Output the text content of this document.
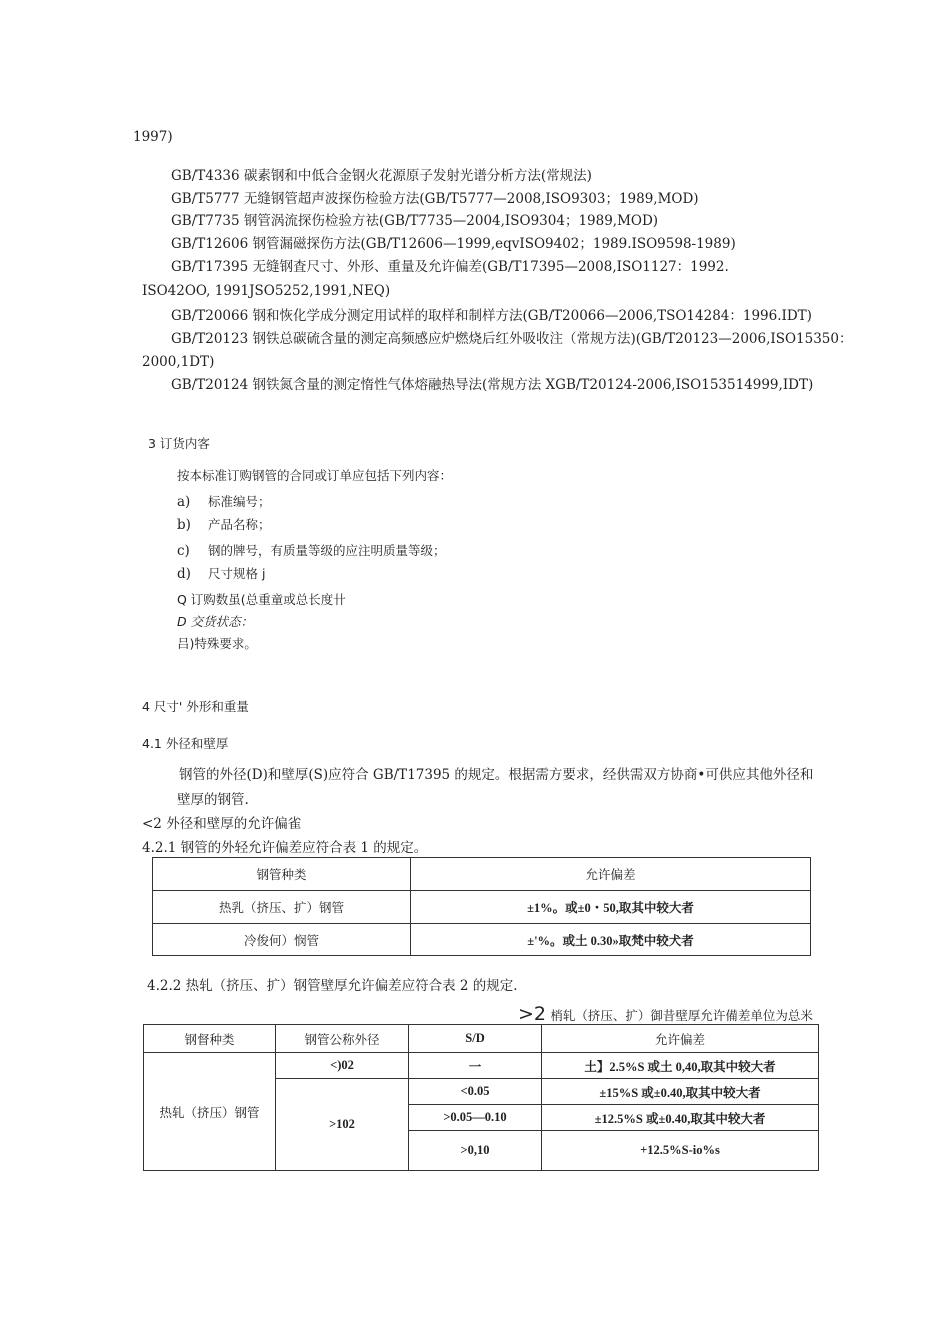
1997)
GB/T4336 碳素钢和中低合金钢火花源原子发射光谱分析方法(常规法)
GB/T5777 无缝钢管超声波探伤检验方法(GB/T5777—2008,ISO9303；1989,MOD)
GB/T7735 钢管涡流探伤检验方祛(GB/T7735—2004,ISO9304；1989,MOD)
GB/T12606 钢管漏磁探伤方法(GB/T12606—1999,eqvISO9402；1989.ISO9598-1989)
GB/T17395 无缝钢査尺寸、外形、重量及允许偏差(GB/T17395—2008,ISO1127：1992.
ISO42OO, 1991JSO5252,1991,NEQ)
GB/T20066 钢和恢化学成分测定用试样的取样和制样方法(GB/T20066—2006,TSO14284：1996.IDT)
GB/T20123 钢铁总碳硫含量的测定高频感应炉燃烧后红外吸收注（常规方法)(GB/T20123—2006,ISO15350：
2000,1DT)
GB/T20124 钢铁氮含量的测定惰性气体熔融热导法(常规方法 XGB/T20124-2006,ISO153514999,IDT)
3 订货内客
按本标准订购钢管的合同或订单应包括下列内容：
a) 标准编号；
b) 产品名称；
c) 钢的牌号，有质量等级的应注明质量等级；
d) 尺寸规格 j
Q 订购数虽(总重童或总长度卄
D 交货状态：
吕)特殊要求。
4 尺寸' 外形和重量
4.1 外径和壁厚
钢管的外径(D)和壁厚(S)应符合 GB/T17395 的规定。根据需方要求，经供需双方协商•可供应其他外径和
壁厚的钢管.
<2 外径和壁厚的允许偏雀
4.2.1 钢管的外轻允许偏差应符合表 1 的规定。
钢管种类	允许偏差
热乳（挤压、扩）钢管	±1%。或±0・50,取其中较大者
冷俊何）悯管	±'%。或土 0.30»取梵中较犬者
4.2.2 热轧（挤压、扩）钢管壁厚允许偏差应符合表 2 的规定.
>2 梢轧（挤压、扩）御昔壁厚允许備差单位为总米
钢督种类	钢管公称外径	S/D	允许偏差
热轧（挤压）钢管	<)02	一	土】2.5%S 或土 0,40,取其中较大者
	>102	<0.05	±15%S 或±0.40,取其中较大者
		>0.05—0.10	±12.5%S 或±0.40,取其中较大者
		>0,10	+12.5%S-io%s
